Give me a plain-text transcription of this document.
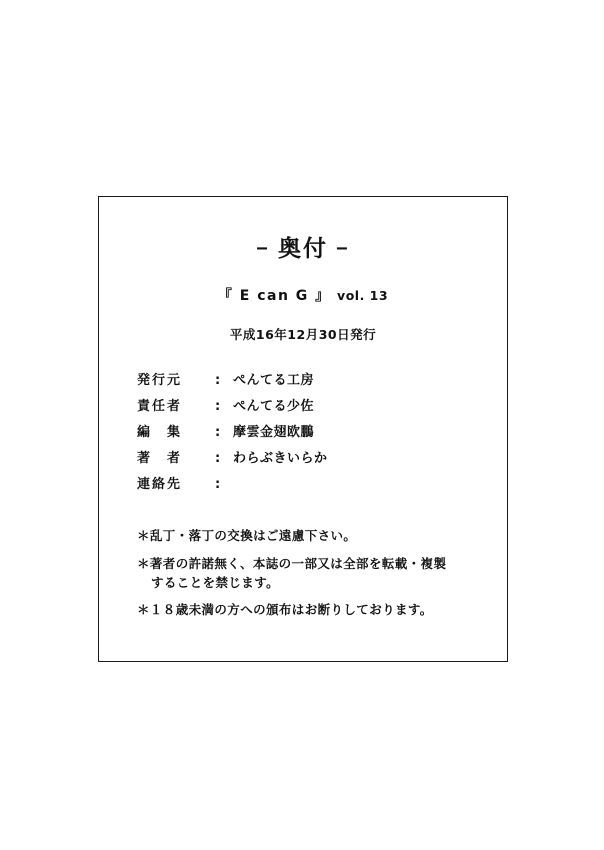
‒ 奥付 ‒
『 E can G 』 vol. 13
平成16年12月30日発行
発行元	: ぺんてる工房
責任者	: ぺんてる少佐
編　集	: 摩雲金翅欧鵬
著　者	: わらぶきいらか
連絡先	:
＊乱丁・落丁の交換はご遠慮下さい。
＊著者の許諾無く、本誌の一部又は全部を転載・複製
することを禁じます。
＊１８歳未満の方への頒布はお断りしております。
